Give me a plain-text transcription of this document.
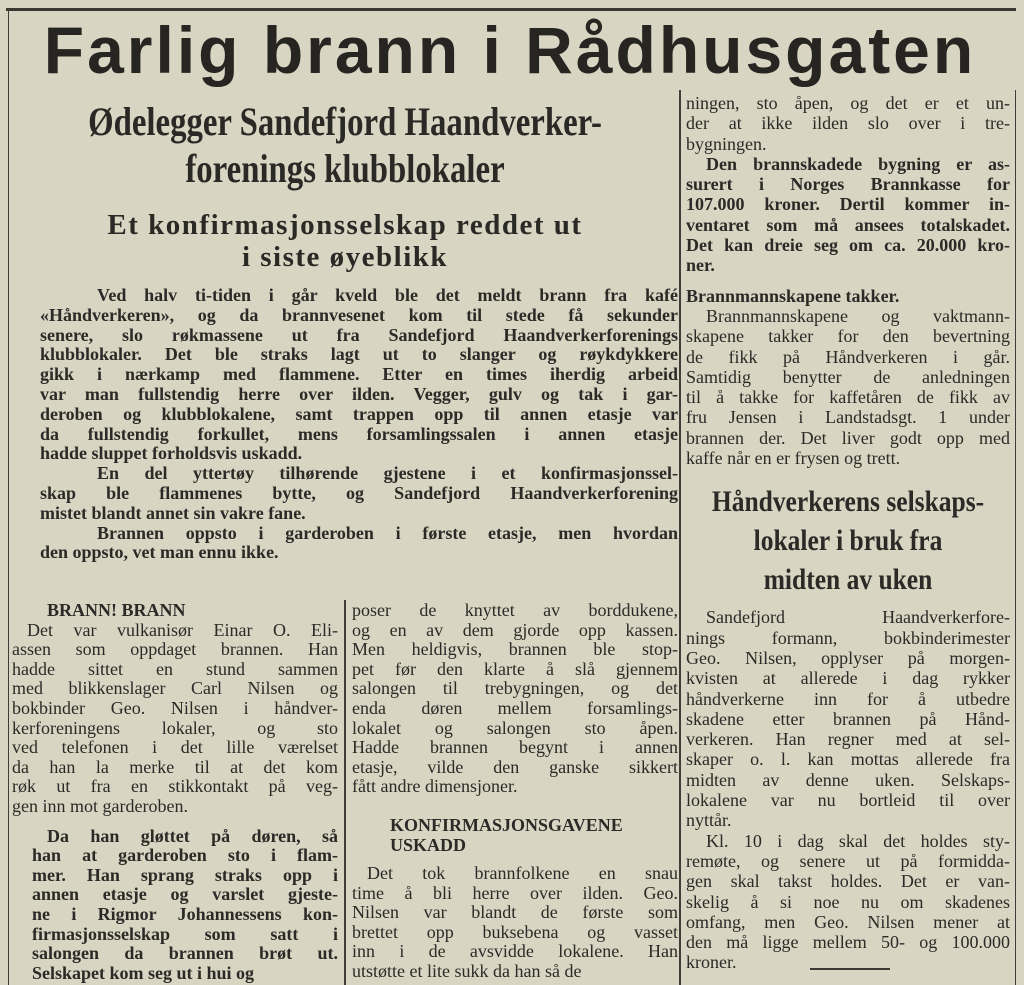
Farlig brann i Rådhusgaten
Ødelegger Sandefjord Haandverker-
forenings klubblokaler
Et konfirmasjonsselskap reddet ut
i siste øyeblikk
Ved halv ti-tiden i går kveld ble det meldt brann fra kafé
«Håndverkeren», og da brannvesenet kom til stede få sekunder
senere, slo røkmassene ut fra Sandefjord Haandverkerforenings
klubblokaler. Det ble straks lagt ut to slanger og røykdykkere
gikk i nærkamp med flammene. Etter en times iherdig arbeid
var man fullstendig herre over ilden. Vegger, gulv og tak i gar-
deroben og klubblokalene, samt trappen opp til annen etasje var
da fullstendig forkullet, mens forsamlingssalen i annen etasje
hadde sluppet forholdsvis uskadd.
En del yttertøy tilhørende gjestene i et konfirmasjonssel-
skap ble flammenes bytte, og Sandefjord Haandverkerforening
mistet blandt annet sin vakre fane.
Brannen oppsto i garderoben i første etasje, men hvordan
den oppsto, vet man ennu ikke.
BRANN! BRANN
Det var vulkanisør Einar O. Eli-
assen som oppdaget brannen. Han
hadde sittet en stund sammen
med blikkenslager Carl Nilsen og
bokbinder Geo. Nilsen i håndver-
kerforeningens lokaler, og sto
ved telefonen i det lille værelset
da han la merke til at det kom
røk ut fra en stikkontakt på veg-
gen inn mot garderoben.
Da han gløttet på døren, så
han at garderoben sto i flam-
mer. Han sprang straks opp i
annen etasje og varslet gjeste-
ne i Rigmor Johannessens kon-
firmasjonsselskap som satt i
salongen da brannen brøt ut.
Selskapet kom seg ut i hui og
poser de knyttet av borddukene,
og en av dem gjorde opp kassen.
Men heldigvis, brannen ble stop-
pet før den klarte å slå gjennem
salongen til trebygningen, og det
enda døren mellem forsamlings-
lokalet og salongen sto åpen.
Hadde brannen begynt i annen
etasje, vilde den ganske sikkert
fått andre dimensjoner.
KONFIRMASJONSGAVENE
USKADD
Det tok brannfolkene en snau
time å bli herre over ilden. Geo.
Nilsen var blandt de første som
brettet opp buksebena og vasset
inn i de avsvidde lokalene. Han
utstøtte et lite sukk da han så de
ningen, sto åpen, og det er et un-
der at ikke ilden slo over i tre-
bygningen.
Den brannskadede bygning er as-
surert i Norges Brannkasse for
107.000 kroner. Dertil kommer in-
ventaret som må ansees totalskadet.
Det kan dreie seg om ca. 20.000 kro-
ner.
Brannmannskapene takker.
Brannmannskapene og vaktmann-
skapene takker for den bevertning
de fikk på Håndverkeren i går.
Samtidig benytter de anledningen
til å takke for kaffetåren de fikk av
fru Jensen i Landstadsgt. 1 under
brannen der. Det liver godt opp med
kaffe når en er frysen og trett.
Håndverkerens selskaps-
lokaler i bruk fra
midten av uken
Sandefjord Haandverkerfore-
nings formann, bokbinderimester
Geo. Nilsen, opplyser på morgen-
kvisten at allerede i dag rykker
håndverkerne inn for å utbedre
skadene etter brannen på Hånd-
verkeren. Han regner med at sel-
skaper o. l. kan mottas allerede fra
midten av denne uken. Selskaps-
lokalene var nu bortleid til over
nyttår.
Kl. 10 i dag skal det holdes sty-
remøte, og senere ut på formidda-
gen skal takst holdes. Det er van-
skelig å si noe nu om skadenes
omfang, men Geo. Nilsen mener at
den må ligge mellem 50- og 100.000
kroner.
